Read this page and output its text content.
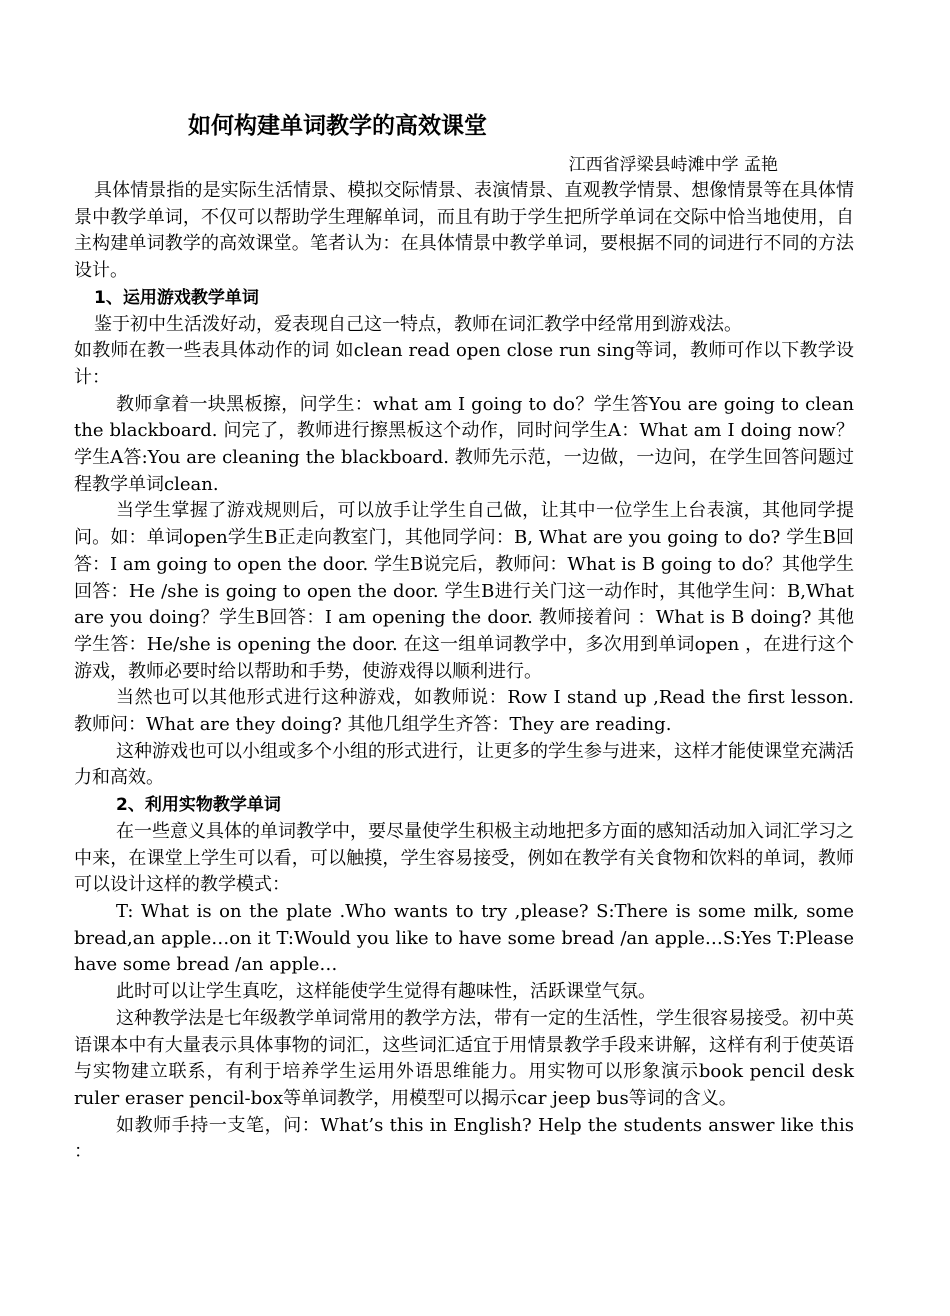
如何构建单词教学的高效课堂
江西省浮梁县峙滩中学 孟艳

具体情景指的是实际生活情景、模拟交际情景、表演情景、直观教学情景、想像情景等在具体情景中教学单词，不仅可以帮助学生理解单词，而且有助于学生把所学单词在交际中恰当地使用，自主构建单词教学的高效课堂。笔者认为：在具体情景中教学单词，要根据不同的词进行不同的方法设计。

1、运用游戏教学单词

鉴于初中生活泼好动，爱表现自己这一特点，教师在词汇教学中经常用到游戏法。

如教师在教一些表具体动作的词 如clean read open close run sing等词，教师可作以下教学设计：

教师拿着一块黑板擦，问学生：what am I going to do？学生答You are going to clean the blackboard. 问完了，教师进行擦黑板这个动作，同时问学生A：What am I doing now？学生A答:You are cleaning the blackboard. 教师先示范，一边做，一边问，在学生回答问题过程教学单词clean.

当学生掌握了游戏规则后，可以放手让学生自己做，让其中一位学生上台表演，其他同学提问。如：单词open学生B正走向教室门，其他同学问：B, What are you going to do? 学生B回答：I am going to open the door. 学生B说完后，教师问：What is B going to do？其他学生回答：He /she is going to open the door. 学生B进行关门这一动作时，其他学生问：B,What are you doing？学生B回答：I am opening the door. 教师接着问 ：What is B doing? 其他学生答：He/she is opening the door. 在这一组单词教学中，多次用到单词open ，在进行这个游戏，教师必要时给以帮助和手势，使游戏得以顺利进行。

当然也可以其他形式进行这种游戏，如教师说：Row I stand up ,Read the first lesson. 教师问：What are they doing? 其他几组学生齐答：They are reading.

这种游戏也可以小组或多个小组的形式进行，让更多的学生参与进来，这样才能使课堂充满活力和高效。

2、利用实物教学单词

在一些意义具体的单词教学中，要尽量使学生积极主动地把多方面的感知活动加入词汇学习之中来，在课堂上学生可以看，可以触摸，学生容易接受，例如在教学有关食物和饮料的单词，教师可以设计这样的教学模式：

T: What is on the plate .Who wants to try ,please? S:There is some milk, some bread,an apple…on it T:Would you like to have some bread /an apple…S:Yes T:Please have some bread /an apple…

此时可以让学生真吃，这样能使学生觉得有趣味性，活跃课堂气氛。

这种教学法是七年级教学单词常用的教学方法，带有一定的生活性，学生很容易接受。初中英语课本中有大量表示具体事物的词汇，这些词汇适宜于用情景教学手段来讲解，这样有利于使英语与实物建立联系，有利于培养学生运用外语思维能力。用实物可以形象演示book pencil desk ruler eraser pencil-box等单词教学，用模型可以揭示car jeep bus等词的含义。

如教师手持一支笔，问：What’s this in English? Help the students answer like this ：
